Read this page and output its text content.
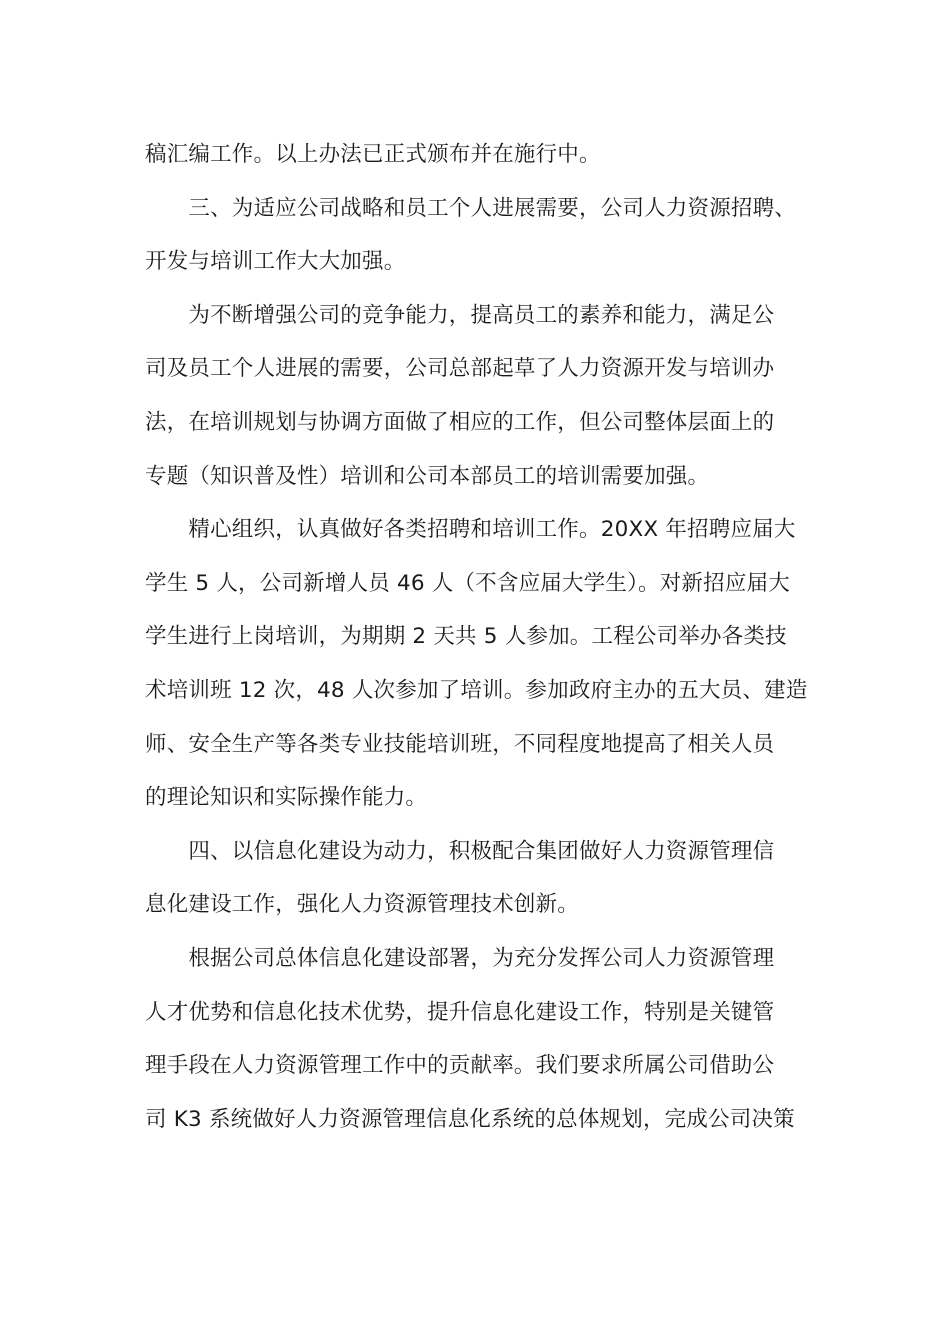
稿汇编工作。以上办法已正式颁布并在施行中。
　　三、为适应公司战略和员工个人进展需要，公司人力资源招聘、
开发与培训工作大大加强。
　　为不断增强公司的竞争能力，提高员工的素养和能力，满足公
司及员工个人进展的需要，公司总部起草了人力资源开发与培训办
法，在培训规划与协调方面做了相应的工作，但公司整体层面上的
专题（知识普及性）培训和公司本部员工的培训需要加强。
　　精心组织，认真做好各类招聘和培训工作。20XX 年招聘应届大
学生 5 人，公司新增人员 46 人（不含应届大学生）。对新招应届大
学生进行上岗培训，为期期 2 天共 5 人参加。工程公司举办各类技
术培训班 12 次，48 人次参加了培训。参加政府主办的五大员、建造
师、安全生产等各类专业技能培训班，不同程度地提高了相关人员
的理论知识和实际操作能力。
　　四、以信息化建设为动力，积极配合集团做好人力资源管理信
息化建设工作，强化人力资源管理技术创新。
　　根据公司总体信息化建设部署，为充分发挥公司人力资源管理
人才优势和信息化技术优势，提升信息化建设工作，特别是关键管
理手段在人力资源管理工作中的贡献率。我们要求所属公司借助公
司 K3 系统做好人力资源管理信息化系统的总体规划，完成公司决策
